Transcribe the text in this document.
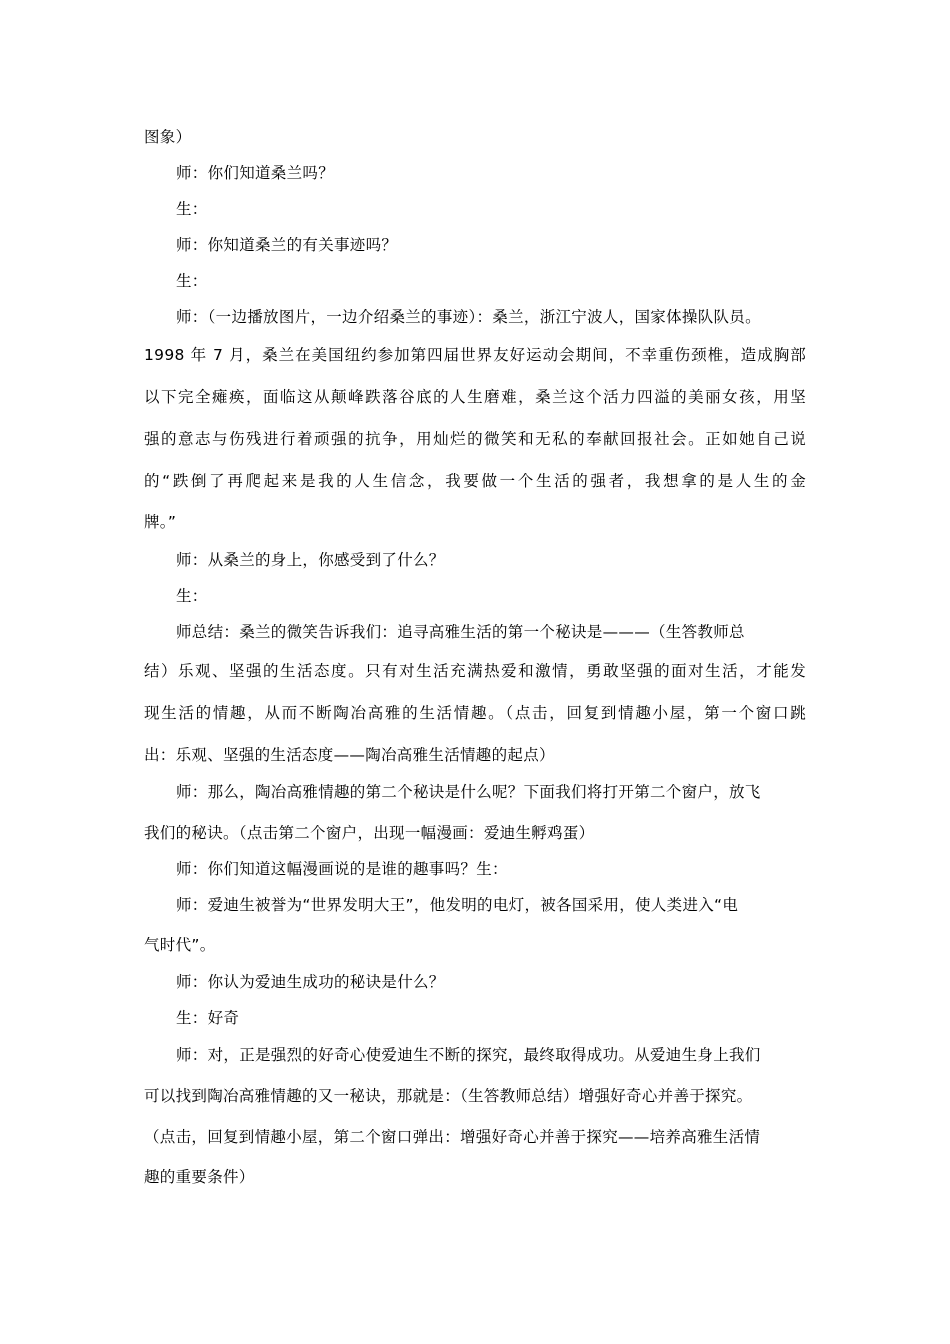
图象）
师：你们知道桑兰吗？
生：
师：你知道桑兰的有关事迹吗？
生：
师：（一边播放图片，一边介绍桑兰的事迹）：桑兰，浙江宁波人，国家体操队队员。
1998 年 7 月，桑兰在美国纽约参加第四届世界友好运动会期间，不幸重伤颈椎，造成胸部
以下完全瘫痪，面临这从颠峰跌落谷底的人生磨难，桑兰这个活力四溢的美丽女孩，用坚
强的意志与伤残进行着顽强的抗争，用灿烂的微笑和无私的奉献回报社会。正如她自己说
的“跌倒了再爬起来是我的人生信念，我要做一个生活的强者，我想拿的是人生的金
牌。”
师：从桑兰的身上，你感受到了什么？
生：
师总结：桑兰的微笑告诉我们：追寻高雅生活的第一个秘诀是———（生答教师总
结）乐观、坚强的生活态度。只有对生活充满热爱和激情，勇敢坚强的面对生活，才能发
现生活的情趣，从而不断陶冶高雅的生活情趣。（点击，回复到情趣小屋，第一个窗口跳
出：乐观、坚强的生活态度——陶冶高雅生活情趣的起点）
师：那么，陶冶高雅情趣的第二个秘诀是什么呢？下面我们将打开第二个窗户，放飞
我们的秘诀。（点击第二个窗户，出现一幅漫画：爱迪生孵鸡蛋）
师：你们知道这幅漫画说的是谁的趣事吗？生：
师：爱迪生被誉为“世界发明大王”，他发明的电灯，被各国采用，使人类进入“电
气时代”。
师：你认为爱迪生成功的秘诀是什么？
生：好奇
师：对，正是强烈的好奇心使爱迪生不断的探究，最终取得成功。从爱迪生身上我们
可以找到陶冶高雅情趣的又一秘诀，那就是：（生答教师总结）增强好奇心并善于探究。
（点击，回复到情趣小屋，第二个窗口弹出：增强好奇心并善于探究——培养高雅生活情
趣的重要条件）
